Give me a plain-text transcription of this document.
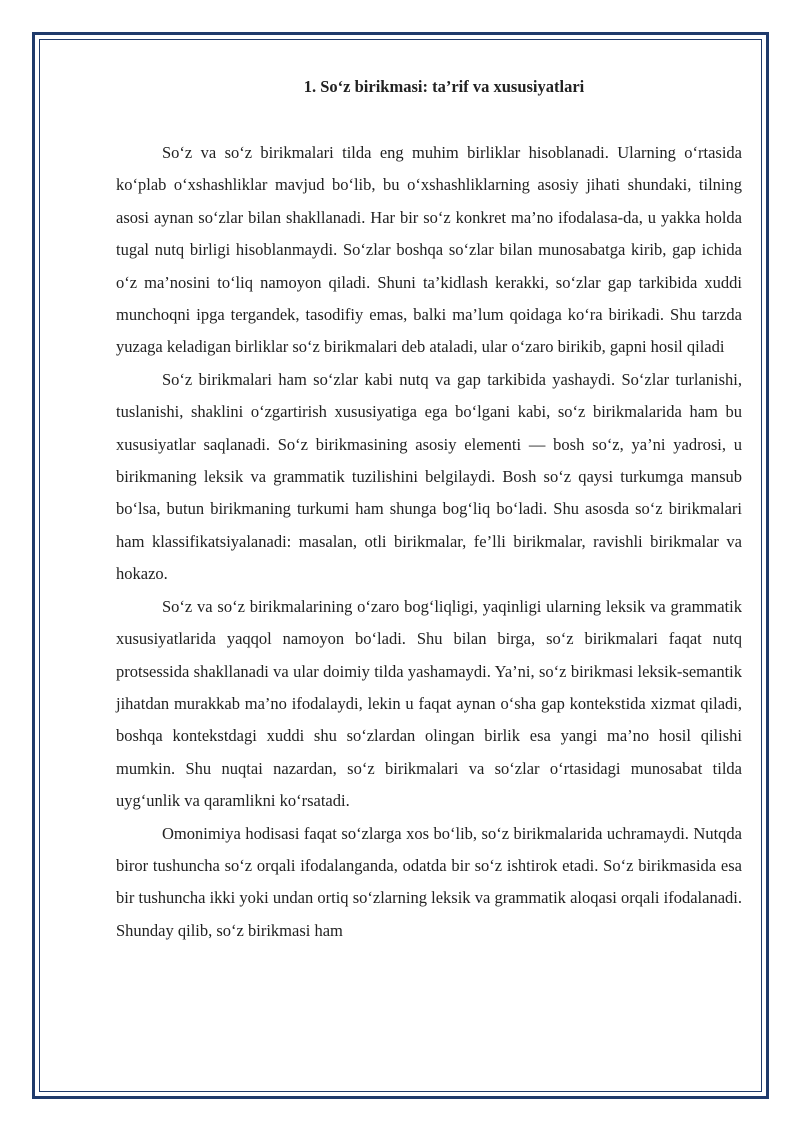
1. So‘z birikmasi: ta’rif va xususiyatlari

So‘z va so‘z birikmalari tilda eng muhim birliklar hisoblanadi. Ularning o‘rtasida ko‘plab o‘xshashliklar mavjud bo‘lib, bu o‘xshashliklarning asosiy jihati shundaki, tilning asosi aynan so‘zlar bilan shakllanadi. Har bir so‘z konkret ma’no ifodalasa-da, u yakka holda tugal nutq birligi hisoblanmaydi. So‘zlar boshqa so‘zlar bilan munosabatga kirib, gap ichida o‘z ma’nosini to‘liq namoyon qiladi. Shuni ta’kidlash kerakki, so‘zlar gap tarkibida xuddi munchoqni ipga tergandek, tasodifiy emas, balki ma’lum qoidaga ko‘ra birikadi. Shu tarzda yuzaga keladigan birliklar so‘z birikmalari deb ataladi, ular o‘zaro birikib, gapni hosil qiladi

So‘z birikmalari ham so‘zlar kabi nutq va gap tarkibida yashaydi. So‘zlar turlanishi, tuslanishi, shaklini o‘zgartirish xususiyatiga ega bo‘lgani kabi, so‘z birikmalarida ham bu xususiyatlar saqlanadi. So‘z birikmasining asosiy elementi — bosh so‘z, ya’ni yadrosi, u birikmaning leksik va grammatik tuzilishini belgilaydi. Bosh so‘z qaysi turkumga mansub bo‘lsa, butun birikmaning turkumi ham shunga bog‘liq bo‘ladi. Shu asosda so‘z birikmalari ham klassifikatsiyalanadi: masalan, otli birikmalar, fe’lli birikmalar, ravishli birikmalar va hokazo.

So‘z va so‘z birikmalarining o‘zaro bog‘liqligi, yaqinligi ularning leksik va grammatik xususiyatlarida yaqqol namoyon bo‘ladi. Shu bilan birga, so‘z birikmalari faqat nutq protsessida shakllanadi va ular doimiy tilda yashamaydi. Ya’ni, so‘z birikmasi leksik-semantik jihatdan murakkab ma’no ifodalaydi, lekin u faqat aynan o‘sha gap kontekstida xizmat qiladi, boshqa kontekstdagi xuddi shu so‘zlardan olingan birlik esa yangi ma’no hosil qilishi mumkin. Shu nuqtai nazardan, so‘z birikmalari va so‘zlar o‘rtasidagi munosabat tilda uyg‘unlik va qaramlikni ko‘rsatadi.

Omonimiya hodisasi faqat so‘zlarga xos bo‘lib, so‘z birikmalarida uchramaydi. Nutqda biror tushuncha so‘z orqali ifodalanganda, odatda bir so‘z ishtirok etadi. So‘z birikmasida esa bir tushuncha ikki yoki undan ortiq so‘zlarning leksik va grammatik aloqasi orqali ifodalanadi. Shunday qilib, so‘z birikmasi ham
